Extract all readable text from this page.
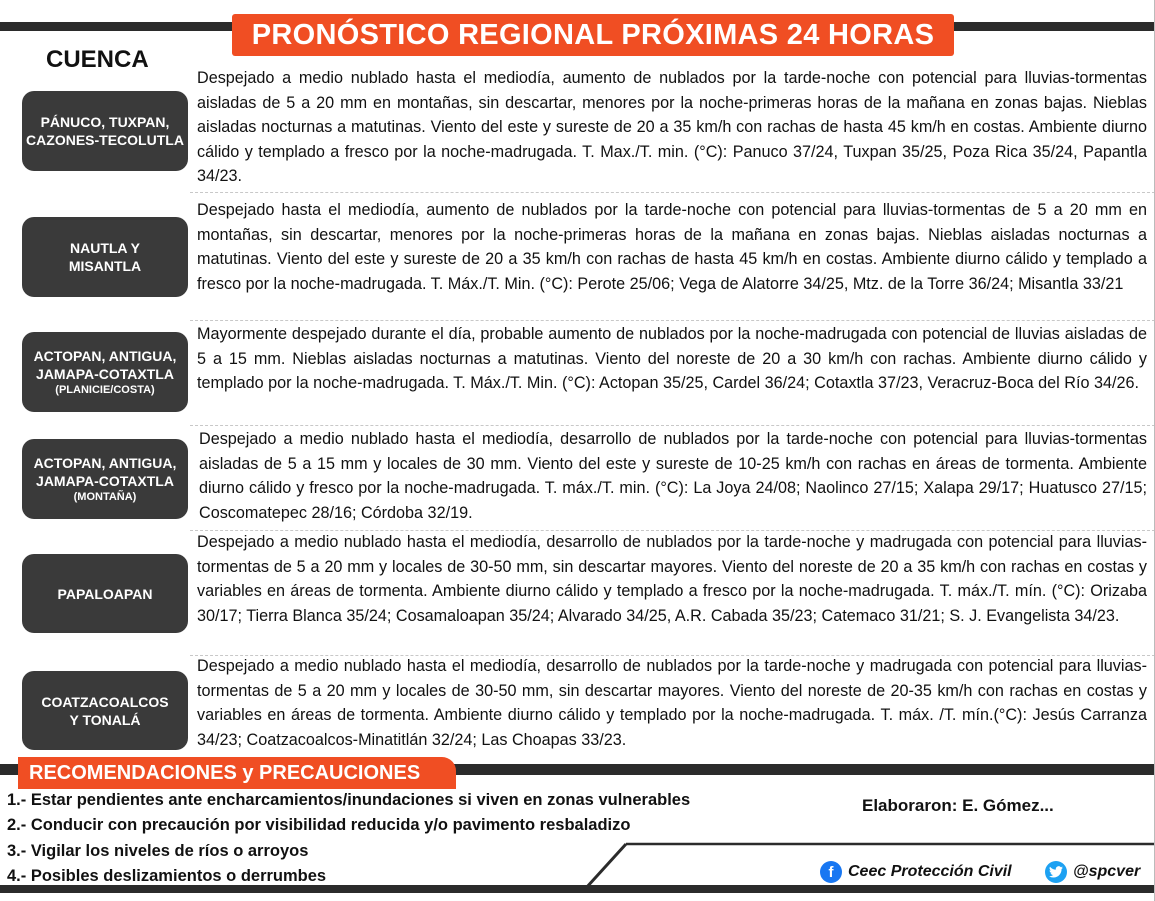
PRONÓSTICO REGIONAL PRÓXIMAS 24 HORAS
CUENCA
PÁNUCO, TUXPAN, CAZONES-TECOLUTLA
Despejado a medio nublado hasta el mediodía, aumento de nublados por la tarde-noche con potencial para lluvias-tormentas aisladas de 5 a 20 mm en montañas, sin descartar, menores por la noche-primeras horas de la mañana en zonas bajas. Nieblas aisladas nocturnas a matutinas. Viento del este y sureste de 20 a 35 km/h con rachas de hasta 45 km/h en costas. Ambiente diurno cálido y templado a fresco por la noche-madrugada. T. Max./T. min. (°C): Panuco 37/24, Tuxpan 35/25, Poza Rica 35/24, Papantla 34/23.
NAUTLA Y MISANTLA
Despejado hasta el mediodía, aumento de nublados por la tarde-noche con potencial para lluvias-tormentas de 5 a 20 mm en montañas, sin descartar, menores por la noche-primeras horas de la mañana en zonas bajas. Nieblas aisladas nocturnas a matutinas. Viento del este y sureste de 20 a 35 km/h con rachas de hasta 45 km/h en costas. Ambiente diurno cálido y templado a fresco por la noche-madrugada. T. Máx./T. Min. (°C): Perote 25/06; Vega de Alatorre 34/25, Mtz. de la Torre 36/24; Misantla 33/21
ACTOPAN, ANTIGUA, JAMAPA-COTAXTLA
(PLANICIE/COSTA)
Mayormente despejado durante el día, probable aumento de nublados por la noche-madrugada con potencial de lluvias aisladas de 5 a 15 mm. Nieblas aisladas nocturnas a matutinas. Viento del noreste de 20 a 30 km/h con rachas. Ambiente diurno cálido y templado por la noche-madrugada. T. Máx./T. Min. (°C): Actopan 35/25, Cardel 36/24; Cotaxtla 37/23, Veracruz-Boca del Río 34/26.
ACTOPAN, ANTIGUA, JAMAPA-COTAXTLA
(MONTAÑA)
Despejado a medio nublado hasta el mediodía, desarrollo de nublados por la tarde-noche con potencial para lluvias-tormentas aisladas de 5 a 15 mm y locales de 30 mm. Viento del este y sureste de 10-25 km/h con rachas en áreas de tormenta. Ambiente diurno cálido y fresco por la noche-madrugada. T. máx./T. min. (°C): La Joya 24/08; Naolinco 27/15; Xalapa 29/17; Huatusco 27/15; Coscomatepec 28/16; Córdoba 32/19.
PAPALOAPAN
Despejado a medio nublado hasta el mediodía, desarrollo de nublados por la tarde-noche y madrugada con potencial para lluvias-tormentas de 5 a 20 mm y locales de 30-50 mm, sin descartar mayores. Viento del noreste de 20 a 35 km/h con rachas en costas y variables en áreas de tormenta. Ambiente diurno cálido y templado a fresco por la noche-madrugada. T. máx./T. mín. (°C): Orizaba 30/17; Tierra Blanca 35/24; Cosamaloapan 35/24; Alvarado 34/25, A.R. Cabada 35/23; Catemaco 31/21; S. J. Evangelista 34/23.
COATZACOALCOS Y TONALÁ
Despejado a medio nublado hasta el mediodía, desarrollo de nublados por la tarde-noche y madrugada con potencial para lluvias-tormentas de 5 a 20 mm y locales de 30-50 mm, sin descartar mayores. Viento del noreste de 20-35 km/h con rachas en costas y variables en áreas de tormenta. Ambiente diurno cálido y templado por la noche-madrugada. T. máx. /T. mín.(°C): Jesús Carranza 34/23; Coatzacoalcos-Minatitlán 32/24; Las Choapas 33/23.
RECOMENDACIONES y PRECAUCIONES
1.- Estar pendientes ante encharcamientos/inundaciones si viven en zonas vulnerables
2.- Conducir con precaución por visibilidad reducida y/o pavimento resbaladizo
3.- Vigilar los niveles de ríos o arroyos
4.- Posibles deslizamientos o derrumbes
Elaboraron: E. Gómez...
f Ceec Protección Civil	@spcver
